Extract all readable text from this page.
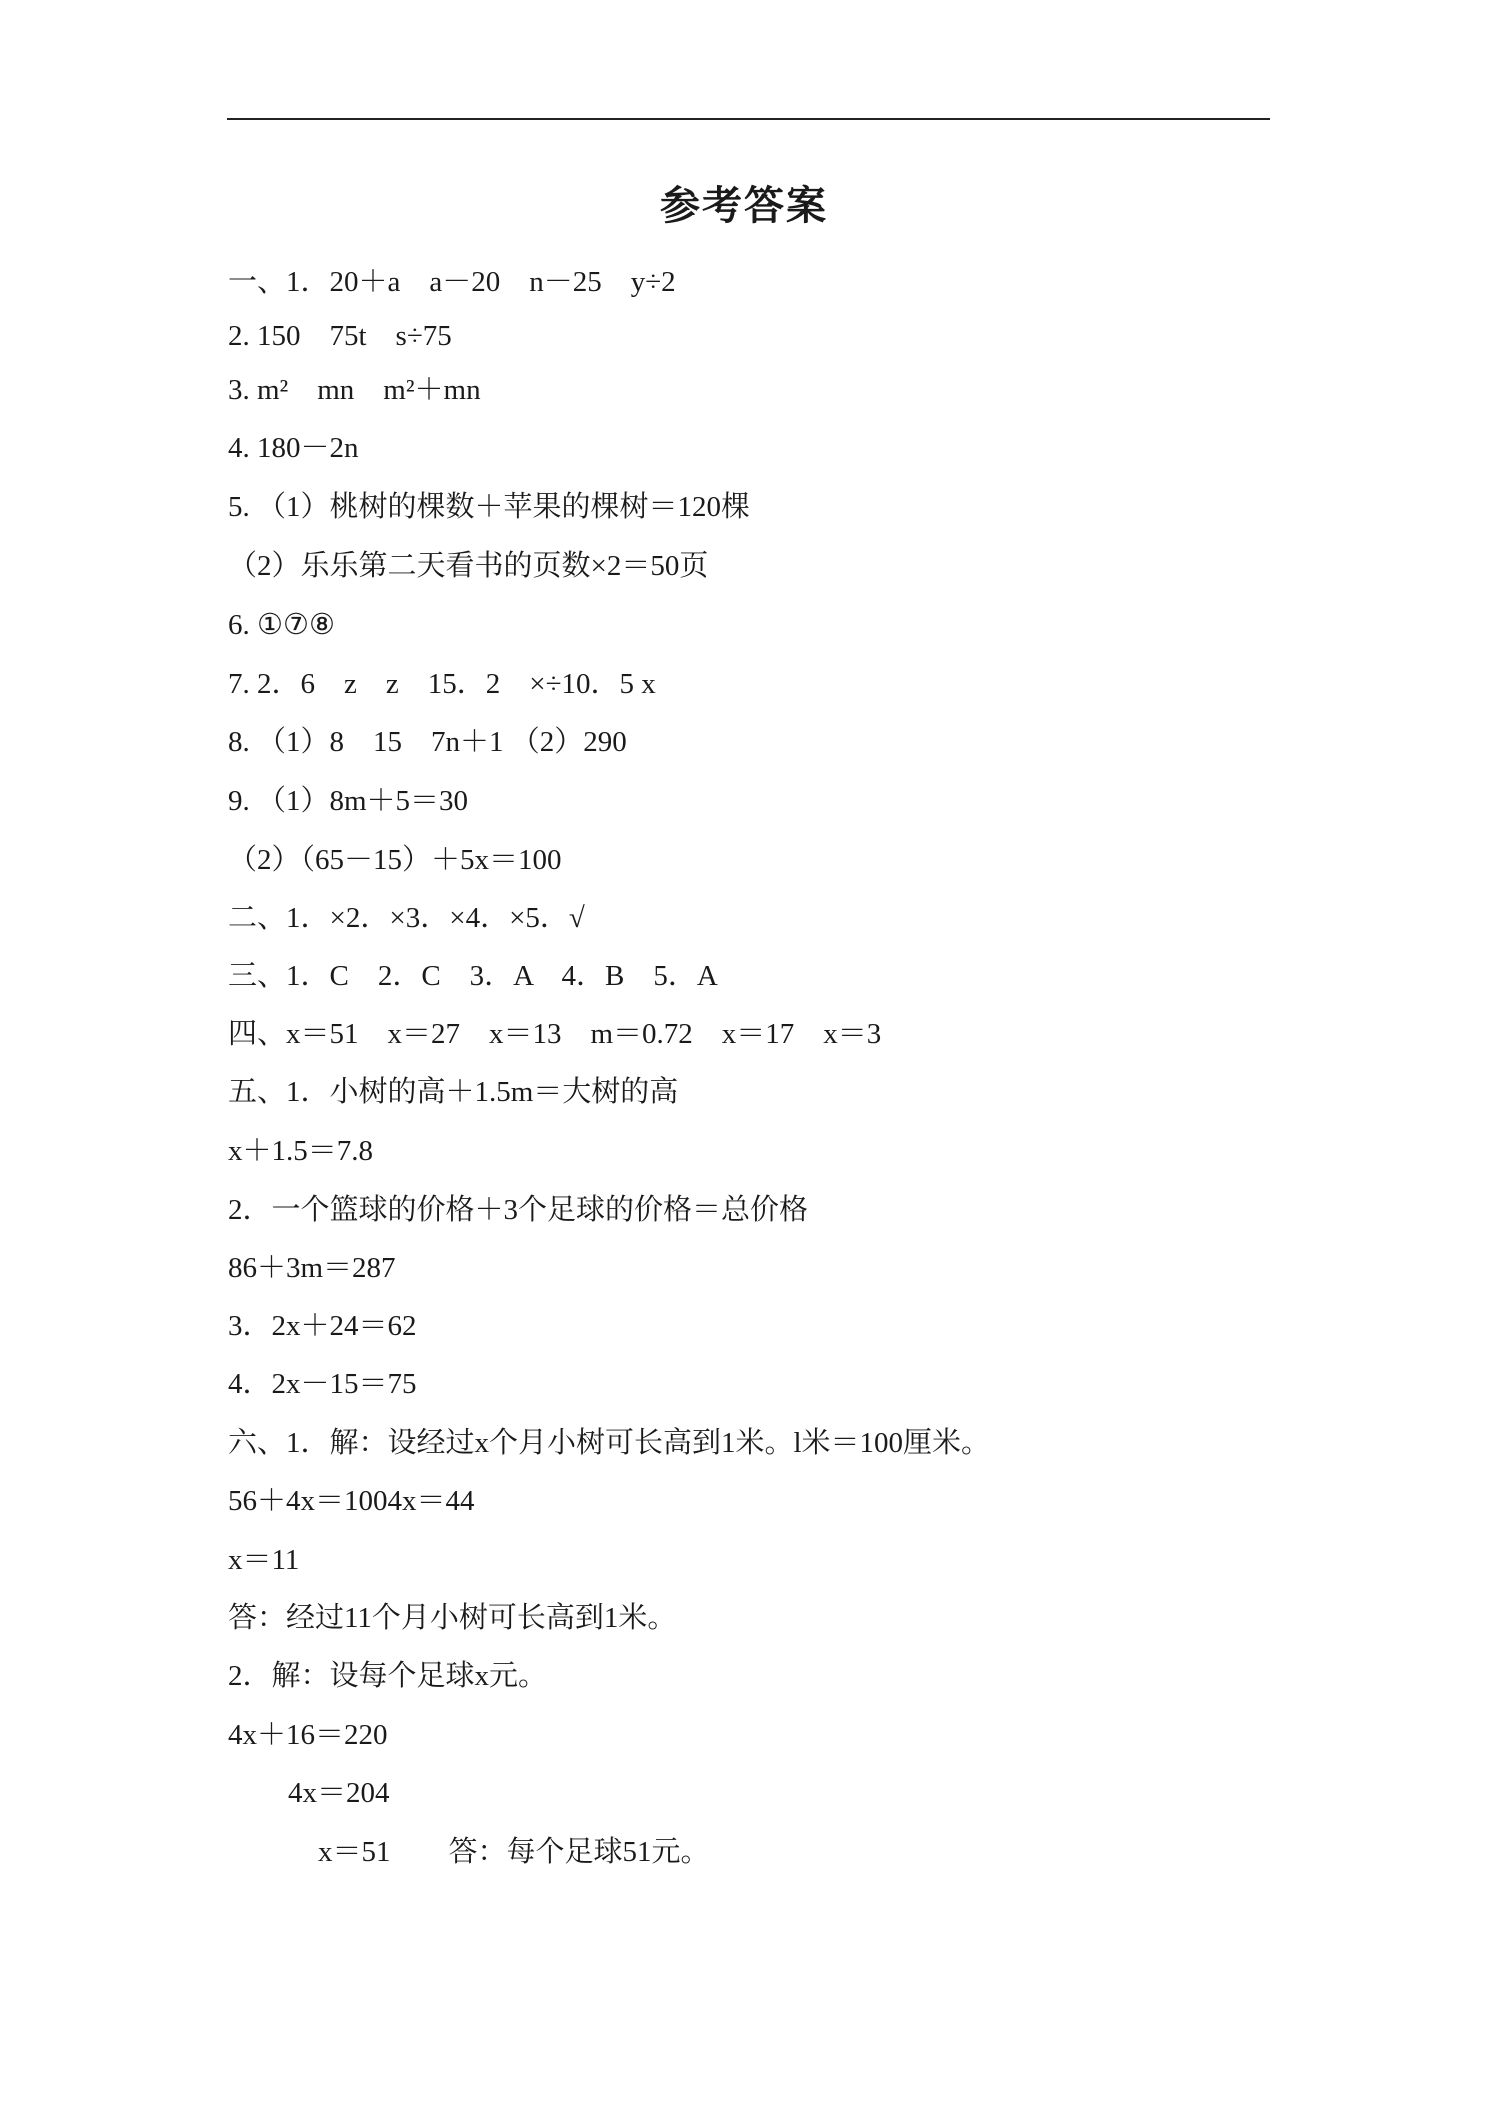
参考答案
一、1．20＋a　a－20　n－25　y÷2
2. 150　75t　s÷75
3. m²　mn　m²＋mn
4. 180－2n
5. （1）桃树的棵数＋苹果的棵树＝120棵
（2）乐乐第二天看书的页数×2＝50页
6. ①⑦⑧
7. 2．6　z　z　15．2　×÷10．5 x
8. （1）8　15　7n＋1 （2）290
9. （1）8m＋5＝30
（2）（65－15）＋5x＝100
二、1．×2．×3．×4．×5．√
三、1．C　2．C　3．A　4．B　5．A
四、x＝51　x＝27　x＝13　m＝0.72　x＝17　x＝3
五、1．小树的高＋1.5m＝大树的高
x＋1.5＝7.8
2．一个篮球的价格＋3个足球的价格＝总价格
86＋3m＝287
3．2x＋24＝62
4．2x－15＝75
六、1．解：设经过x个月小树可长高到1米。l米＝100厘米。
56＋4x＝1004x＝44
x＝11
答：经过11个月小树可长高到1米。
2．解：设每个足球x元。
4x＋16＝220
4x＝204
x＝51　　答：每个足球51元。
